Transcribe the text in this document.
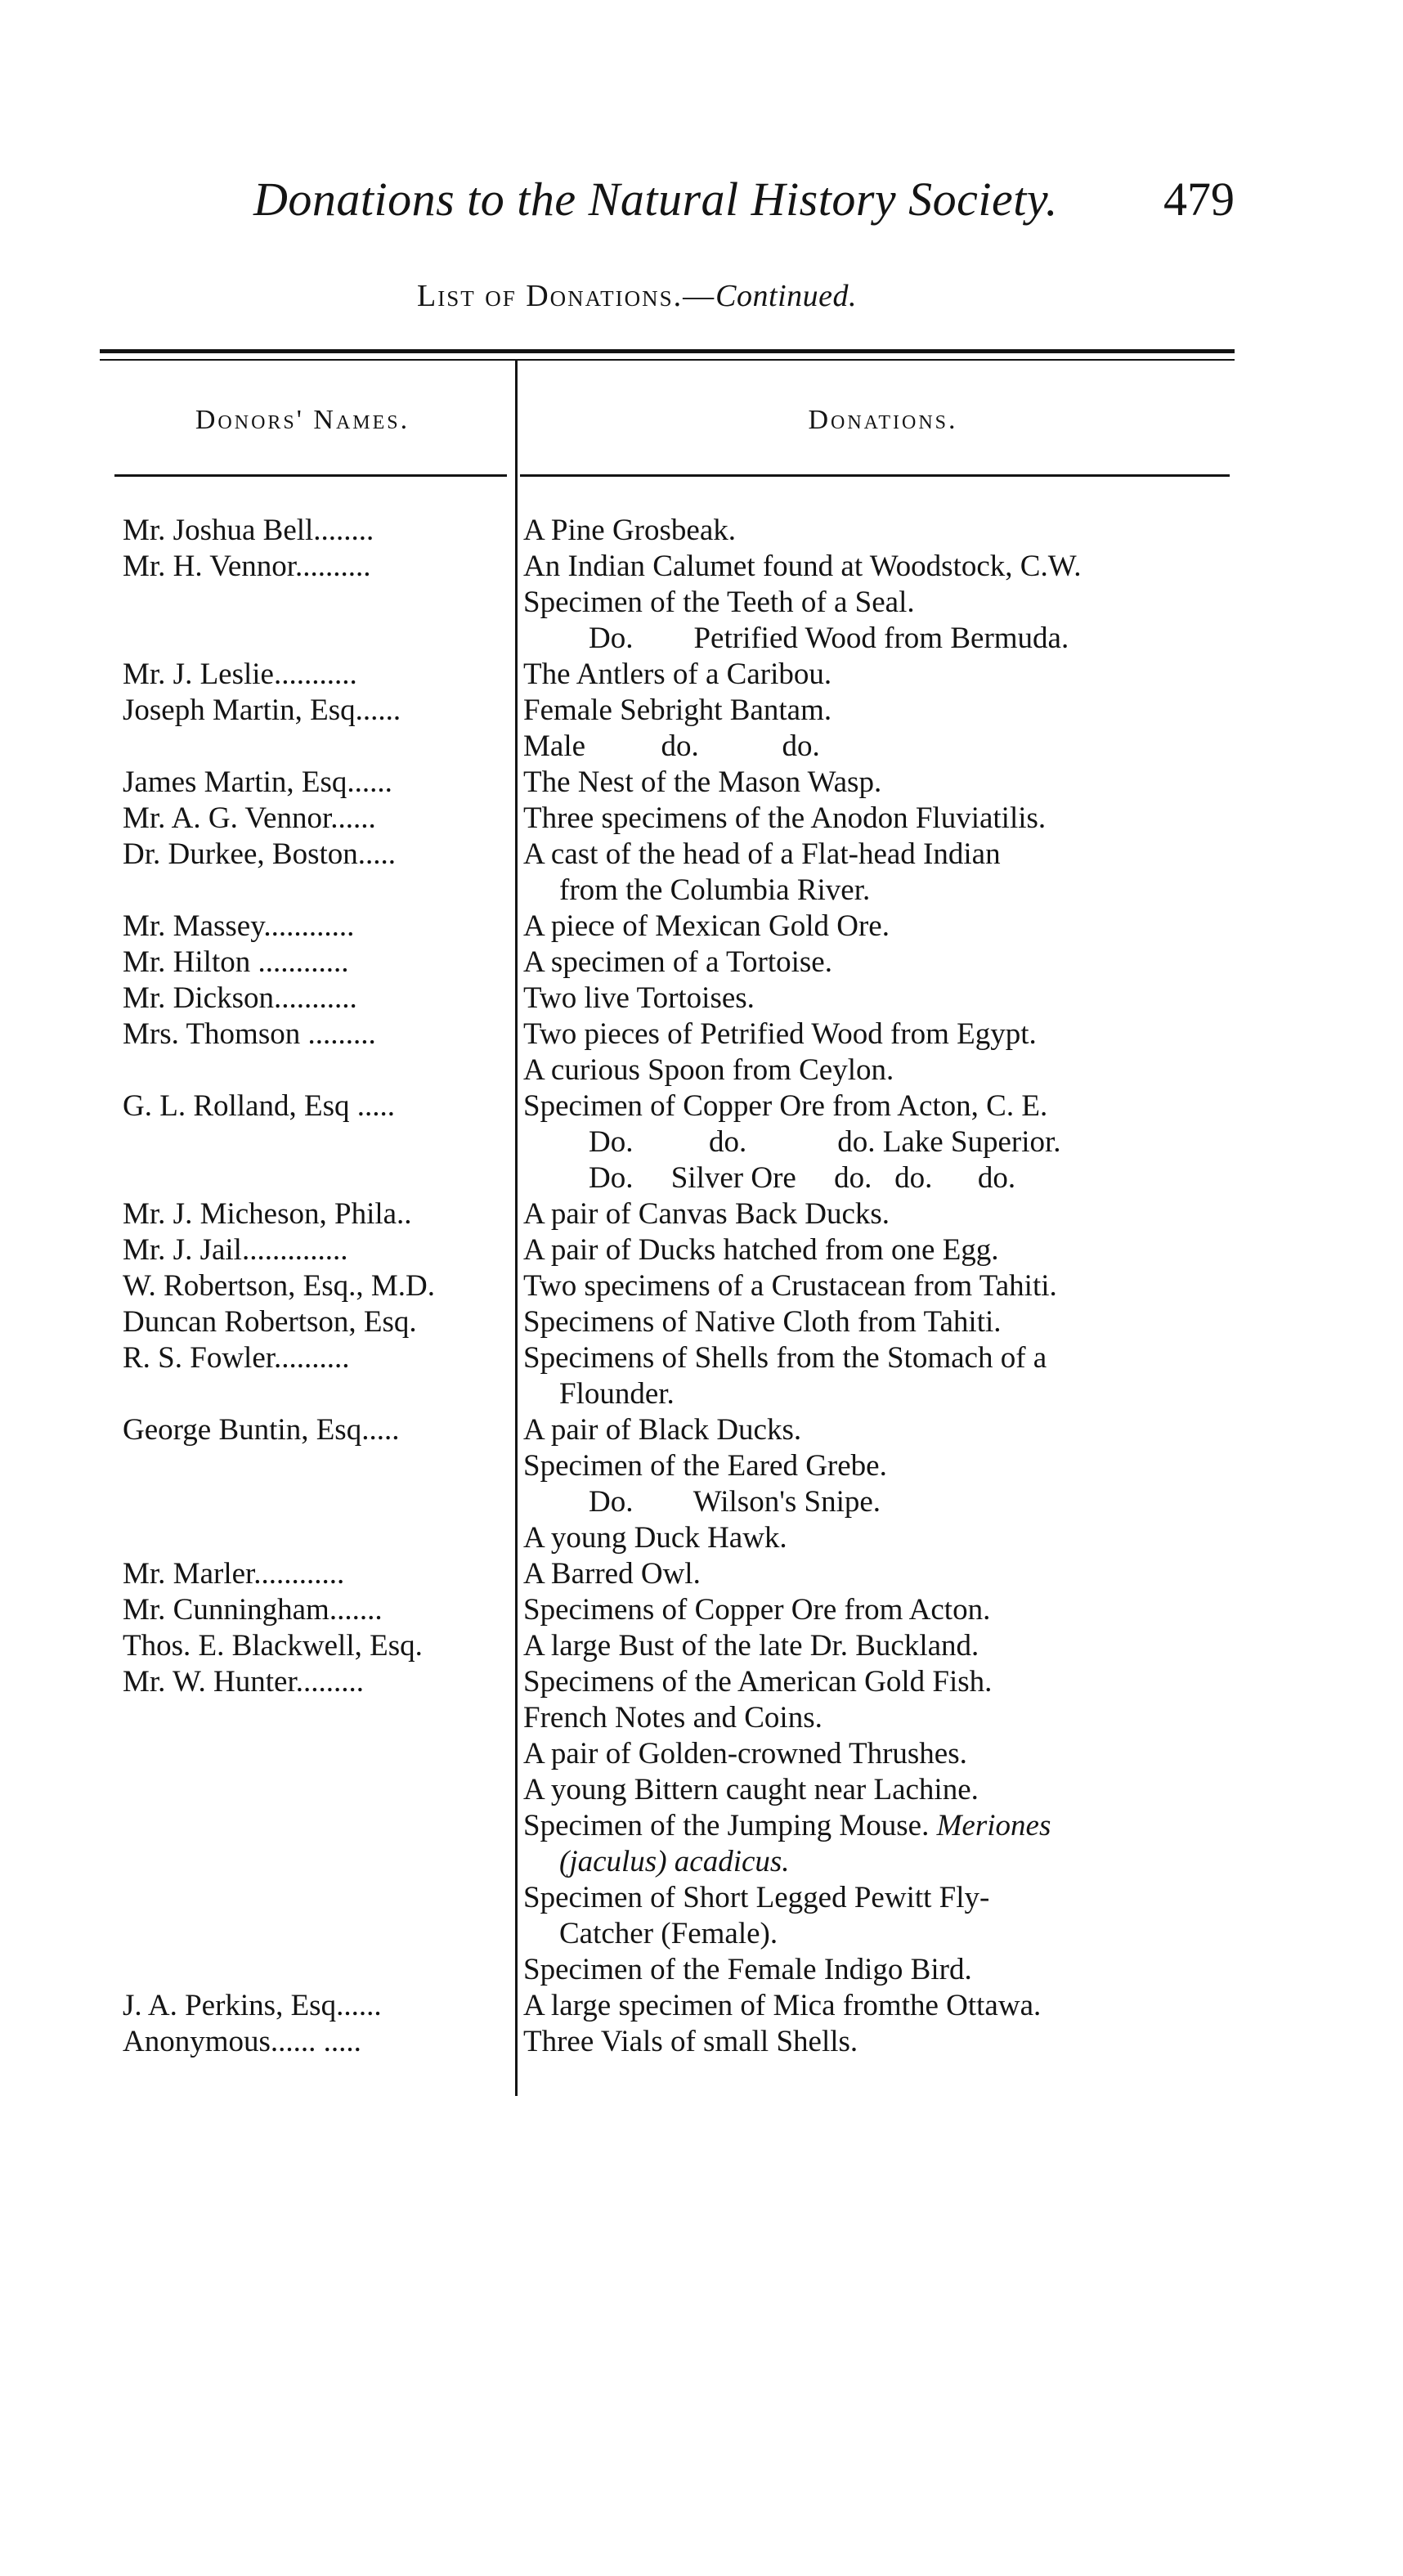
Donations to the Natural History Society. 479
List of Donations.—Continued.
Donors' Names.	Donations.
Mr. Joshua Bell........	A Pine Grosbeak.
Mr. H. Vennor..........	An Indian Calumet found at Woodstock, C.W.
Specimen of the Teeth of a Seal.
Do.        Petrified Wood from Bermuda.
Mr. J. Leslie...........	The Antlers of a Caribou.
Joseph Martin, Esq......	Female Sebright Bantam.
Male          do.           do.
James Martin, Esq......	The Nest of the Mason Wasp.
Mr. A. G. Vennor......	Three specimens of the Anodon Fluviatilis.
Dr. Durkee, Boston.....	A cast of the head of a Flat-head Indian
from the Columbia River.
Mr. Massey............	A piece of Mexican Gold Ore.
Mr. Hilton ............	A specimen of a Tortoise.
Mr. Dickson...........	Two live Tortoises.
Mrs. Thomson .........	Two pieces of Petrified Wood from Egypt.
A curious Spoon from Ceylon.
G. L. Rolland, Esq .....	Specimen of Copper Ore from Acton, C. E.
Do.          do.            do. Lake Superior.
Do.     Silver Ore     do.   do.      do.
Mr. J. Micheson, Phila..	A pair of Canvas Back Ducks.
Mr. J. Jail..............	A pair of Ducks hatched from one Egg.
W. Robertson, Esq., M.D.	Two specimens of a Crustacean from Tahiti.
Duncan Robertson, Esq.	Specimens of Native Cloth from Tahiti.
R. S. Fowler..........	Specimens of Shells from the Stomach of a
Flounder.
George Buntin, Esq.....	A pair of Black Ducks.
Specimen of the Eared Grebe.
Do.        Wilson's Snipe.
A young Duck Hawk.
Mr. Marler............	A Barred Owl.
Mr. Cunningham.......	Specimens of Copper Ore from Acton.
Thos. E. Blackwell, Esq.	A large Bust of the late Dr. Buckland.
Mr. W. Hunter.........	Specimens of the American Gold Fish.
French Notes and Coins.
A pair of Golden-crowned Thrushes.
A young Bittern caught near Lachine.
Specimen of the Jumping Mouse. Meriones
(jaculus) acadicus.
Specimen of Short Legged Pewitt Fly-
Catcher (Female).
Specimen of the Female Indigo Bird.
J. A. Perkins, Esq......	A large specimen of Mica fromthe Ottawa.
Anonymous...... .....	Three Vials of small Shells.
